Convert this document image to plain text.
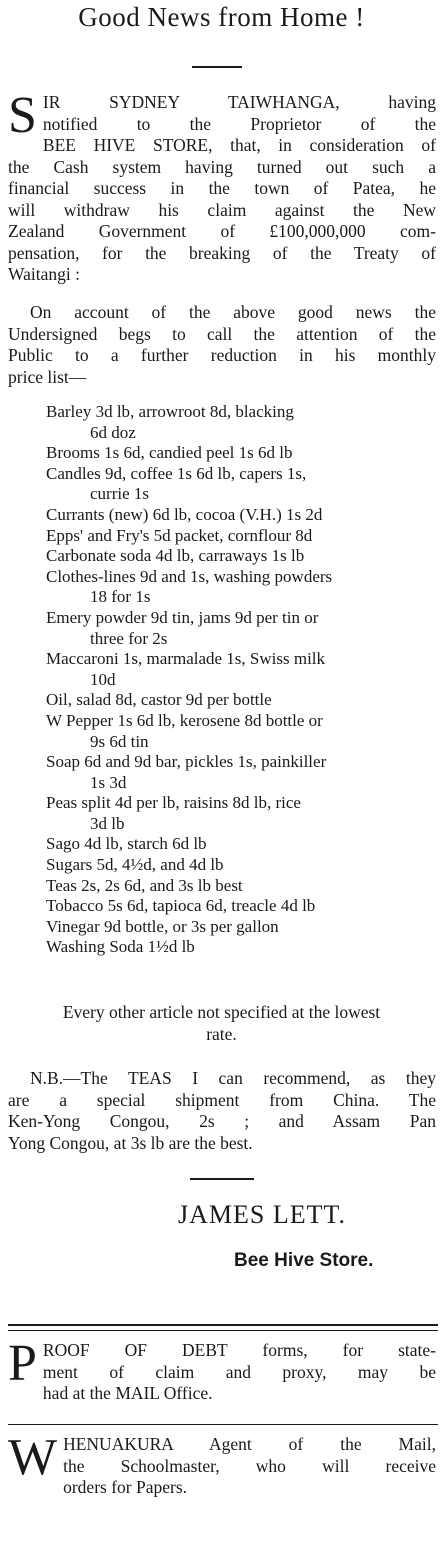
Good News from Home !
S IR SYDNEY TAIWHANGA, having
notified to the Proprietor of the
BEE HIVE STORE, that, in consideration of
the Cash system having turned out such a
financial success in the town of Patea, he
will withdraw his claim against the New
Zealand Government of £100,000,000 com-
pensation, for the breaking of the Treaty of
Waitangi :
On account of the above good news the
Undersigned begs to call the attention of the
Public to a further reduction in his monthly
price list—
Barley 3d lb, arrowroot 8d, blacking
6d doz
Brooms 1s 6d, candied peel 1s 6d lb
Candles 9d, coffee 1s 6d lb, capers 1s,
currie 1s
Currants (new) 6d lb, cocoa (V.H.) 1s 2d
Epps' and Fry's 5d packet, cornflour 8d
Carbonate soda 4d lb, carraways 1s lb
Clothes-lines 9d and 1s, washing powders
18 for 1s
Emery powder 9d tin, jams 9d per tin or
three for 2s
Maccaroni 1s, marmalade 1s, Swiss milk
10d
Oil, salad 8d, castor 9d per bottle
W Pepper 1s 6d lb, kerosene 8d bottle or
9s 6d tin
Soap 6d and 9d bar, pickles 1s, painkiller
1s 3d
Peas split 4d per lb, raisins 8d lb, rice
3d lb
Sago 4d lb, starch 6d lb
Sugars 5d, 4½d, and 4d lb
Teas 2s, 2s 6d, and 3s lb best
Tobacco 5s 6d, tapioca 6d, treacle 4d lb
Vinegar 9d bottle, or 3s per gallon
Washing Soda 1½d lb
Every other article not specified at the lowest
rate.
N.B.—The TEAS I can recommend, as they
are a special shipment from China. The
Ken-Yong Congou, 2s ; and Assam Pan
Yong Congou, at 3s lb are the best.
JAMES LETT.
Bee Hive Store.
P ROOF OF DEBT forms, for state-
ment of claim and proxy, may be
had at the MAIL Office.
W HENUAKURA Agent of the Mail,
the Schoolmaster, who will receive
orders for Papers.
